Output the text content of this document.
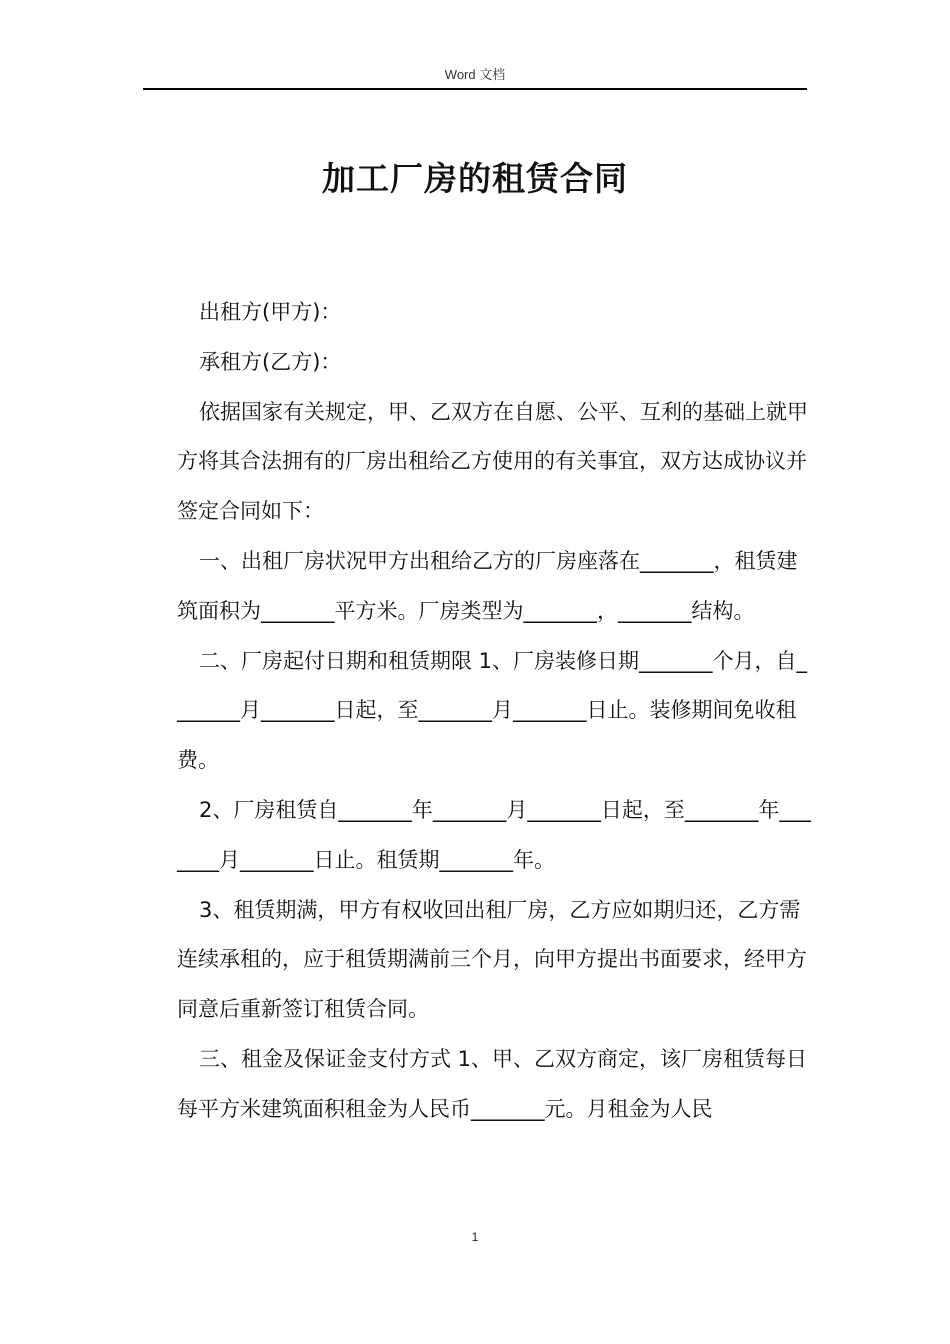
Word 文档
加工厂房的租赁合同

出租方(甲方)：

承租方(乙方)：

依据国家有关规定，甲、乙双方在自愿、公平、互利的基础上就甲方将其合法拥有的厂房出租给乙方使用的有关事宜，双方达成协议并签定合同如下：

一、出租厂房状况甲方出租给乙方的厂房座落在_______，租赁建筑面积为_______平方米。厂房类型为_______，_______结构。

二、厂房起付日期和租赁期限 1、厂房装修日期_______个月，自_______月_______日起，至_______月_______日止。装修期间免收租费。

2、厂房租赁自_______年_______月_______日起，至_______年_______月_______日止。租赁期_______年。

3、租赁期满，甲方有权收回出租厂房，乙方应如期归还，乙方需连续承租的，应于租赁期满前三个月，向甲方提出书面要求，经甲方同意后重新签订租赁合同。

三、租金及保证金支付方式 1、甲、乙双方商定，该厂房租赁每日每平方米建筑面积租金为人民币_______元。月租金为人民

1
